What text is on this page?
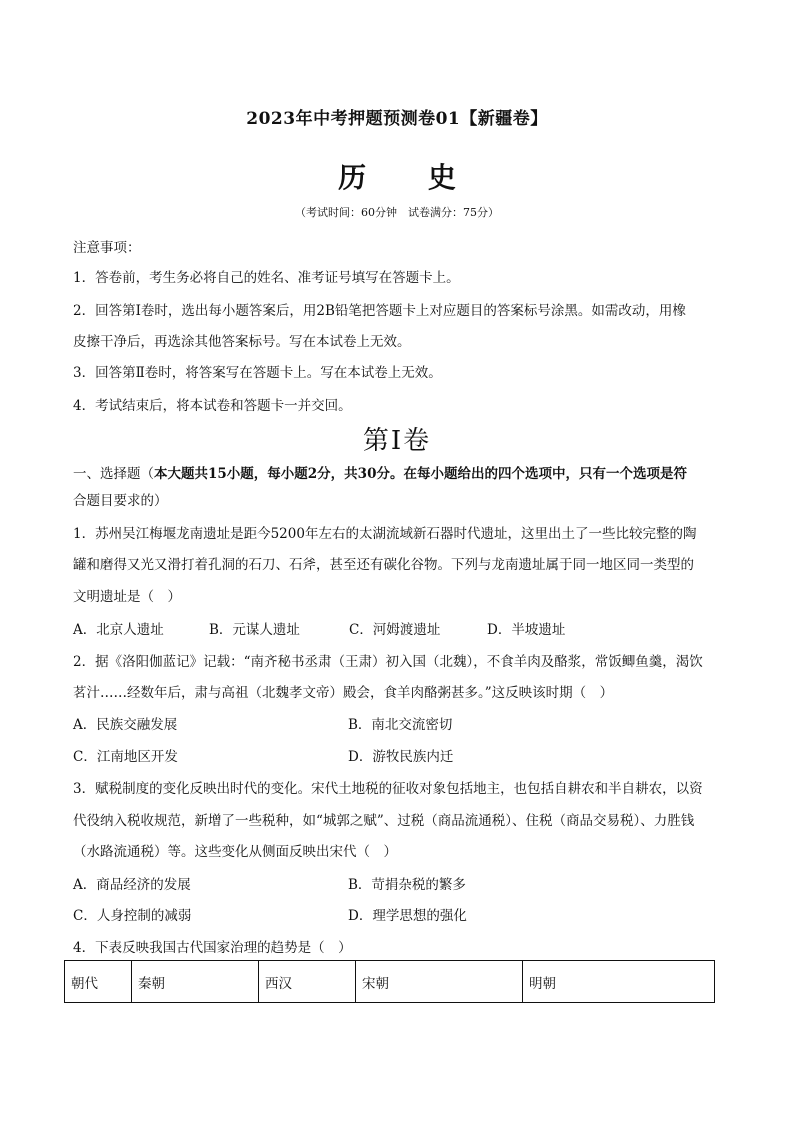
2023年中考押题预测卷01【新疆卷】
历 史
（考试时间：60分钟　试卷满分：75分）
注意事项：
1．答卷前，考生务必将自己的姓名、准考证号填写在答题卡上。
2．回答第Ⅰ卷时，选出每小题答案后，用2B铅笔把答题卡上对应题目的答案标号涂黑。如需改动，用橡
皮擦干净后，再选涂其他答案标号。写在本试卷上无效。
3．回答第Ⅱ卷时，将答案写在答题卡上。写在本试卷上无效。
4．考试结束后，将本试卷和答题卡一并交回。
第Ⅰ卷
一、选择题（本大题共15小题，每小题2分，共30分。在每小题给出的四个选项中，只有一个选项是符
合题目要求的）
1．苏州吴江梅堰龙南遗址是距今5200年左右的太湖流域新石器时代遗址，这里出土了一些比较完整的陶
罐和磨得又光又滑打着孔洞的石刀、石斧，甚至还有碳化谷物。下列与龙南遗址属于同一地区同一类型的
文明遗址是（　）
A．北京人遗址	B．元谋人遗址	C．河姆渡遗址	D．半坡遗址
2．据《洛阳伽蓝记》记载：“南齐秘书丞肃（王肃）初入国（北魏），不食羊肉及酪浆，常饭鲫鱼羹，渴饮
茗汁……经数年后，肃与高祖（北魏孝文帝）殿会，食羊肉酪粥甚多。”这反映该时期（　）
A．民族交融发展	B．南北交流密切
C．江南地区开发	D．游牧民族内迁
3．赋税制度的变化反映出时代的变化。宋代土地税的征收对象包括地主，也包括自耕农和半自耕农，以资
代役纳入税收规范，新增了一些税种，如“城郭之赋”、过税（商品流通税）、住税（商品交易税）、力胜钱
（水路流通税）等。这些变化从侧面反映出宋代（　）
A．商品经济的发展	B．苛捐杂税的繁多
C．人身控制的减弱	D．理学思想的强化
4．下表反映我国古代国家治理的趋势是（　）
朝代	秦朝	西汉	宋朝	明朝
